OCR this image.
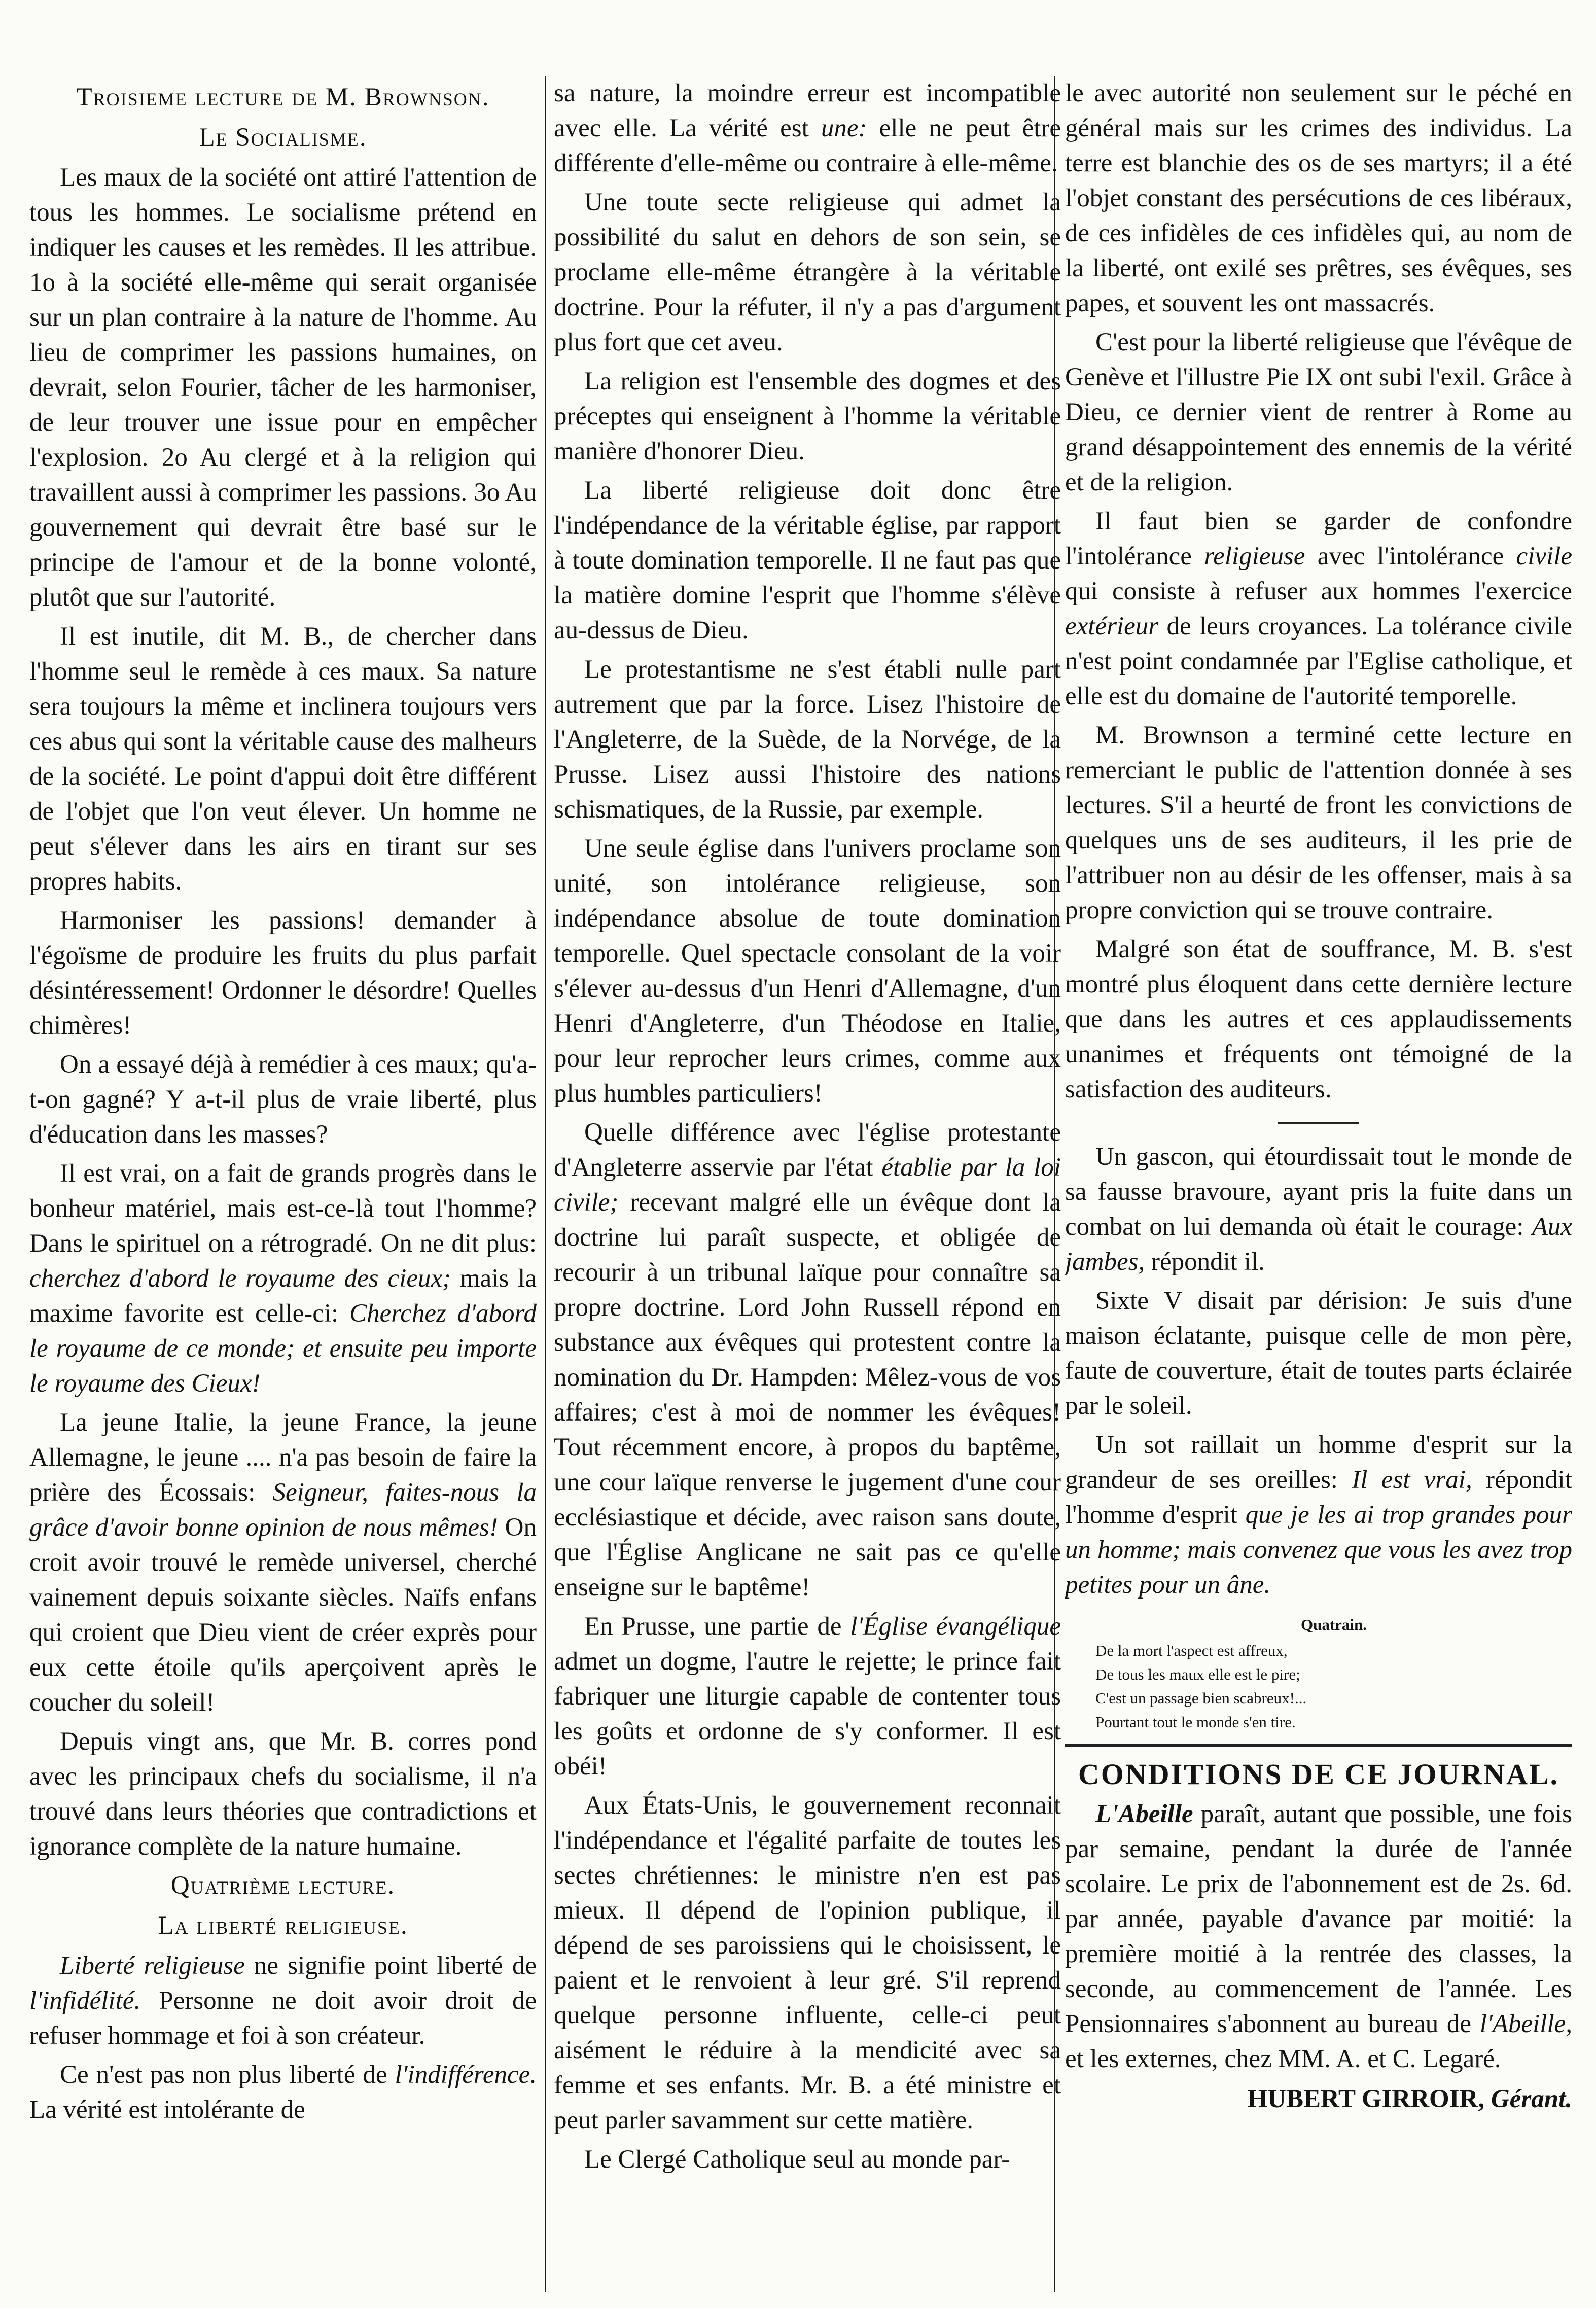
Troisieme lecture de M. Brownson.

Le Socialisme.

Les maux de la société ont attiré l'attention de tous les hommes. Le socialisme prétend en indiquer les causes et les remèdes. Il les attribue. 1o à la société elle-même qui serait organisée sur un plan contraire à la nature de l'homme. Au lieu de comprimer les passions humaines, on devrait, selon Fourier, tâcher de les harmoniser, de leur trouver une issue pour en empêcher l'explosion. 2o Au clergé et à la religion qui travaillent aussi à comprimer les passions. 3o Au gouvernement qui devrait être basé sur le principe de l'amour et de la bonne volonté, plutôt que sur l'autorité.

Il est inutile, dit M. B., de chercher dans l'homme seul le remède à ces maux. Sa nature sera toujours la même et inclinera toujours vers ces abus qui sont la véritable cause des malheurs de la société. Le point d'appui doit être différent de l'objet que l'on veut élever. Un homme ne peut s'élever dans les airs en tirant sur ses propres habits.

Harmoniser les passions! demander à l'égoïsme de produire les fruits du plus parfait désintéressement! Ordonner le désordre! Quelles chimères!

On a essayé déjà à remédier à ces maux; qu'a-t-on gagné? Y a-t-il plus de vraie liberté, plus d'éducation dans les masses?

Il est vrai, on a fait de grands progrès dans le bonheur matériel, mais est-ce-là tout l'homme? Dans le spirituel on a rétrogradé. On ne dit plus: cherchez d'abord le royaume des cieux; mais la maxime favorite est celle-ci: Cherchez d'abord le royaume de ce monde; et ensuite peu importe le royaume des Cieux!

La jeune Italie, la jeune France, la jeune Allemagne, le jeune .... n'a pas besoin de faire la prière des Écossais: Seigneur, faites-nous la grâce d'avoir bonne opinion de nous mêmes! On croit avoir trouvé le remède universel, cherché vainement depuis soixante siècles. Naïfs enfans qui croient que Dieu vient de créer exprès pour eux cette étoile qu'ils aperçoivent après le coucher du soleil!

Depuis vingt ans, que Mr. B. corres pond avec les principaux chefs du socialisme, il n'a trouvé dans leurs théories que contradictions et ignorance complète de la nature humaine.

Quatrième lecture.

La liberté religieuse.

Liberté religieuse ne signifie point liberté de l'infidélité. Personne ne doit avoir droit de refuser hommage et foi à son créateur.

Ce n'est pas non plus liberté de l'indifférence. La vérité est intolérante de

sa nature, la moindre erreur est incompatible avec elle. La vérité est une: elle ne peut être différente d'elle-même ou contraire à elle-même.

Une toute secte religieuse qui admet la possibilité du salut en dehors de son sein, se proclame elle-même étrangère à la véritable doctrine. Pour la réfuter, il n'y a pas d'argument plus fort que cet aveu.

La religion est l'ensemble des dogmes et des préceptes qui enseignent à l'homme la véritable manière d'honorer Dieu.

La liberté religieuse doit donc être l'indépendance de la véritable église, par rapport à toute domination temporelle. Il ne faut pas que la matière domine l'esprit que l'homme s'élève au-dessus de Dieu.

Le protestantisme ne s'est établi nulle part autrement que par la force. Lisez l'histoire de l'Angleterre, de la Suède, de la Norvége, de la Prusse. Lisez aussi l'histoire des nations schismatiques, de la Russie, par exemple.

Une seule église dans l'univers proclame son unité, son intolérance religieuse, son indépendance absolue de toute domination temporelle. Quel spectacle consolant de la voir s'élever au-dessus d'un Henri d'Allemagne, d'un Henri d'Angleterre, d'un Théodose en Italie, pour leur reprocher leurs crimes, comme aux plus humbles particuliers!

Quelle différence avec l'église protestante d'Angleterre asservie par l'état établie par la loi civile; recevant malgré elle un évêque dont la doctrine lui paraît suspecte, et obligée de recourir à un tribunal laïque pour connaître sa propre doctrine. Lord John Russell répond en substance aux évêques qui protestent contre la nomination du Dr. Hampden: Mêlez-vous de vos affaires; c'est à moi de nommer les évêques! Tout récemment encore, à propos du baptême, une cour laïque renverse le jugement d'une cour ecclésiastique et décide, avec raison sans doute, que l'Église Anglicane ne sait pas ce qu'elle enseigne sur le baptême!

En Prusse, une partie de l'Église évangélique admet un dogme, l'autre le rejette; le prince fait fabriquer une liturgie capable de contenter tous les goûts et ordonne de s'y conformer. Il est obéi!

Aux États-Unis, le gouvernement reconnait l'indépendance et l'égalité parfaite de toutes les sectes chrétiennes: le ministre n'en est pas mieux. Il dépend de l'opinion publique, il dépend de ses paroissiens qui le choisissent, le paient et le renvoient à leur gré. S'il reprend quelque personne influente, celle-ci peut aisément le réduire à la mendicité avec sa femme et ses enfants. Mr. B. a été ministre et peut parler savamment sur cette matière.

Le Clergé Catholique seul au monde par-

le avec autorité non seulement sur le péché en général mais sur les crimes des individus. La terre est blanchie des os de ses martyrs; il a été l'objet constant des persécutions de ces libéraux, de ces infidèles de ces infidèles qui, au nom de la liberté, ont exilé ses prêtres, ses évêques, ses papes, et souvent les ont massacrés.

C'est pour la liberté religieuse que l'évêque de Genève et l'illustre Pie IX ont subi l'exil. Grâce à Dieu, ce dernier vient de rentrer à Rome au grand désappointement des ennemis de la vérité et de la religion.

Il faut bien se garder de confondre l'intolérance religieuse avec l'intolérance civile qui consiste à refuser aux hommes l'exercice extérieur de leurs croyances. La tolérance civile n'est point condamnée par l'Eglise catholique, et elle est du domaine de l'autorité temporelle.

M. Brownson a terminé cette lecture en remerciant le public de l'attention donnée à ses lectures. S'il a heurté de front les convictions de quelques uns de ses auditeurs, il les prie de l'attribuer non au désir de les offenser, mais à sa propre conviction qui se trouve contraire.

Malgré son état de souffrance, M. B. s'est montré plus éloquent dans cette dernière lecture que dans les autres et ces applaudissements unanimes et fréquents ont témoigné de la satisfaction des auditeurs.

Un gascon, qui étourdissait tout le monde de sa fausse bravoure, ayant pris la fuite dans un combat on lui demanda où était le courage: Aux jambes, répondit il.

Sixte V disait par dérision: Je suis d'une maison éclatante, puisque celle de mon père, faute de couverture, était de toutes parts éclairée par le soleil.

Un sot raillait un homme d'esprit sur la grandeur de ses oreilles: Il est vrai, répondit l'homme d'esprit que je les ai trop grandes pour un homme; mais convenez que vous les avez trop petites pour un âne.

Quatrain.
De la mort l'aspect est affreux,
De tous les maux elle est le pire;
C'est un passage bien scabreux!...
Pourtant tout le monde s'en tire.

CONDITIONS DE CE JOURNAL.

L'Abeille paraît, autant que possible, une fois par semaine, pendant la durée de l'année scolaire. Le prix de l'abonnement est de 2s. 6d. par année, payable d'avance par moitié: la première moitié à la rentrée des classes, la seconde, au commencement de l'année. Les Pensionnaires s'abonnent au bureau de l'Abeille, et les externes, chez MM. A. et C. Legaré.

HUBERT GIRROIR, Gérant.
